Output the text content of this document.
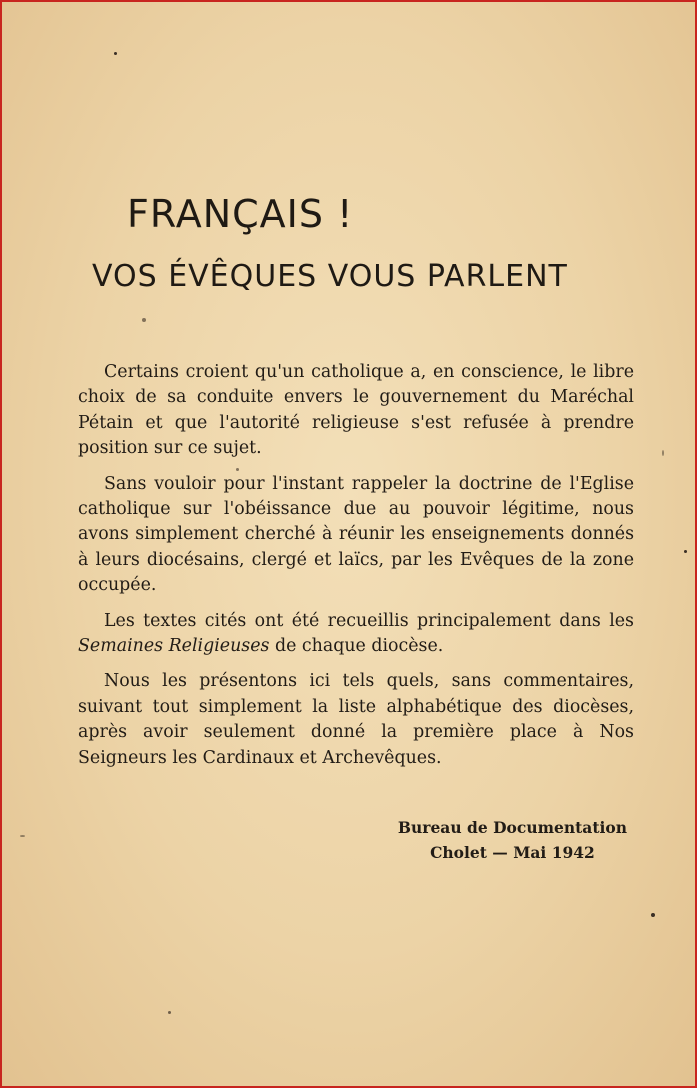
FRANÇAIS !
VOS ÉVÊQUES VOUS PARLENT

Certains croient qu'un catholique a, en conscience, le libre choix de sa conduite envers le gouvernement du Maréchal Pétain et que l'autorité religieuse s'est refusée à prendre position sur ce sujet.

Sans vouloir pour l'instant rappeler la doctrine de l'Eglise catholique sur l'obéissance due au pouvoir légitime, nous avons simplement cherché à réunir les enseignements donnés à leurs diocésains, clergé et laïcs, par les Evêques de la zone occupée.

Les textes cités ont été recueillis principalement dans les Semaines Religieuses de chaque diocèse.

Nous les présentons ici tels quels, sans commentaires, suivant tout simplement la liste alphabétique des diocèses, après avoir seulement donné la première place à Nos Seigneurs les Cardinaux et Archevêques.

Bureau de Documentation
Cholet — Mai 1942
